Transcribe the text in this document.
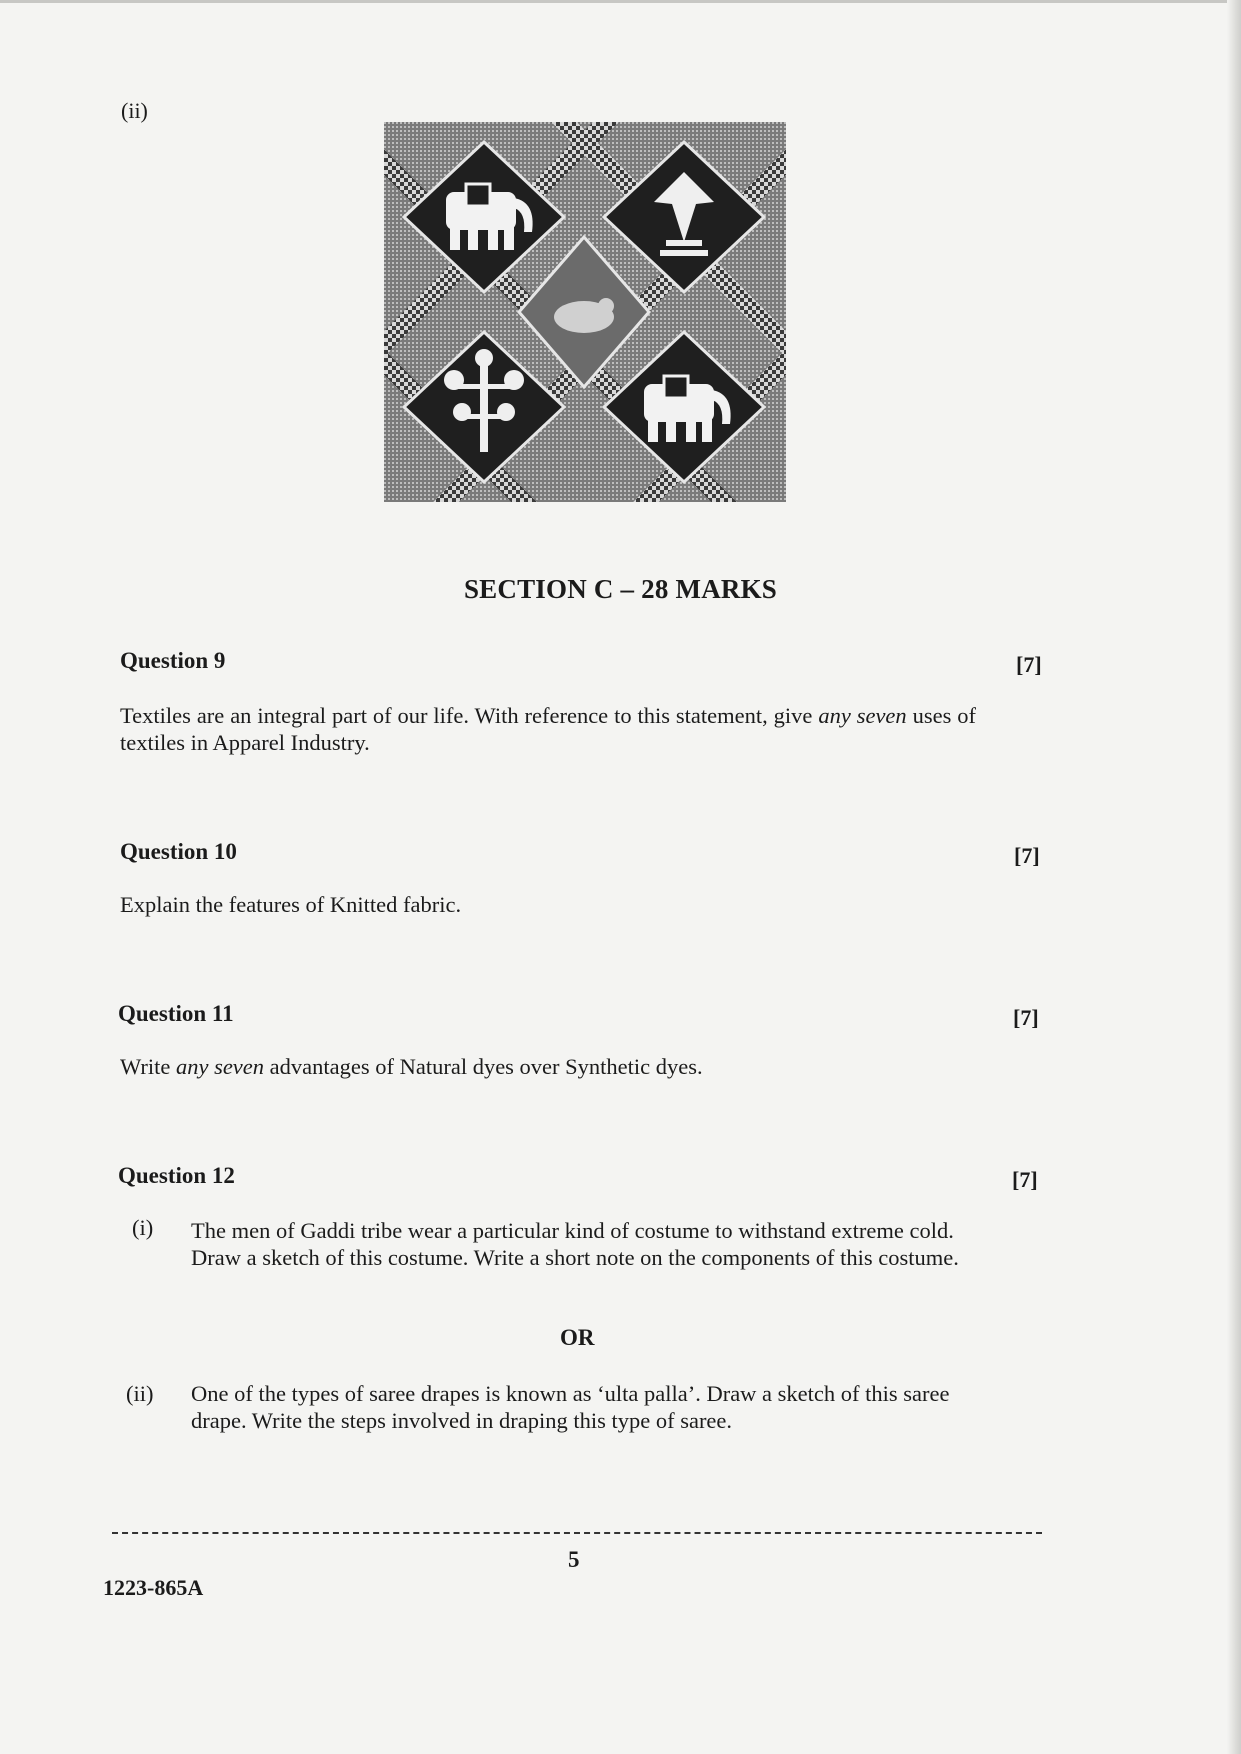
(ii)
SECTION C – 28 MARKS
Question 9	[7]
Textiles are an integral part of our life. With reference to this statement, give any seven uses of textiles in Apparel Industry.
Question 10	[7]
Explain the features of Knitted fabric.
Question 11	[7]
Write any seven advantages of Natural dyes over Synthetic dyes.
Question 12	[7]
(i) The men of Gaddi tribe wear a particular kind of costume to withstand extreme cold. Draw a sketch of this costume. Write a short note on the components of this costume.
OR
(ii) One of the types of saree drapes is known as ‘ulta palla’. Draw a sketch of this saree drape. Write the steps involved in draping this type of saree.
5
1223-865A
